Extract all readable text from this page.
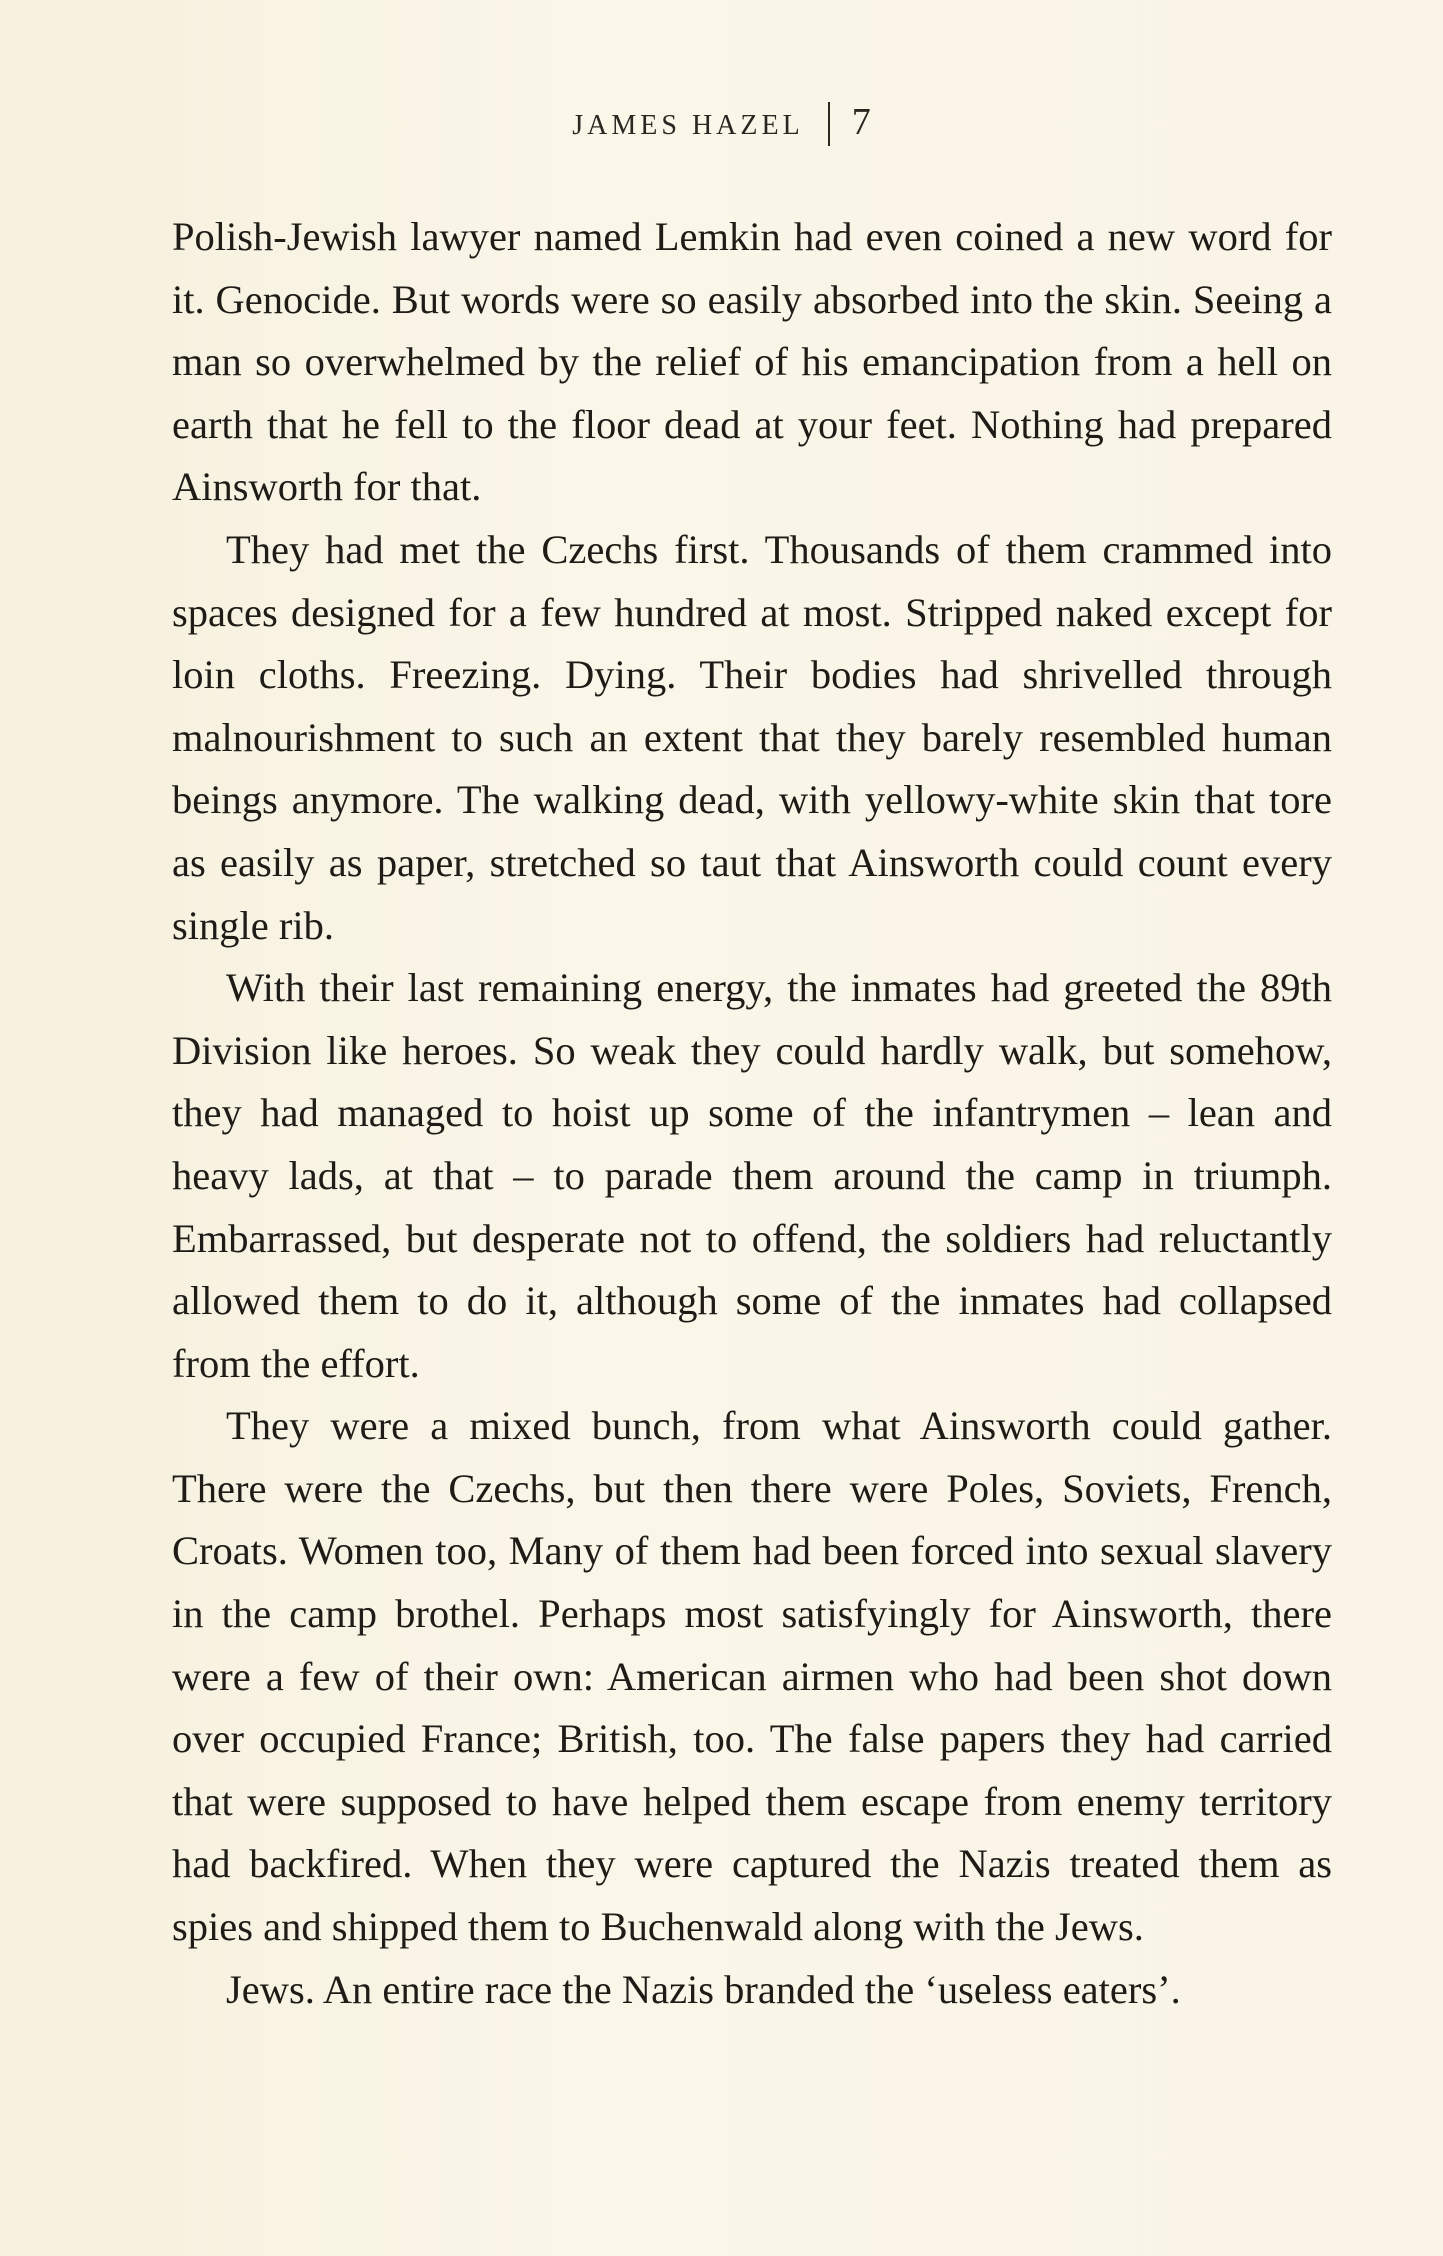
JAMES HAZEL 7

Polish-Jewish lawyer named Lemkin had even coined a new word for it. Genocide. But words were so easily absorbed into the skin. Seeing a man so overwhelmed by the relief of his emancipation from a hell on earth that he fell to the floor dead at your feet. Nothing had prepared Ainsworth for that.

They had met the Czechs first. Thousands of them crammed into spaces designed for a few hundred at most. Stripped naked except for loin cloths. Freezing. Dying. Their bodies had shrivelled through malnourishment to such an extent that they barely resembled human beings anymore. The walking dead, with yellowy-white skin that tore as easily as paper, stretched so taut that Ainsworth could count every single rib.

With their last remaining energy, the inmates had greeted the 89th Division like heroes. So weak they could hardly walk, but somehow, they had managed to hoist up some of the infantrymen – lean and heavy lads, at that – to parade them around the camp in triumph. Embarrassed, but desperate not to offend, the soldiers had reluctantly allowed them to do it, although some of the inmates had collapsed from the effort.

They were a mixed bunch, from what Ainsworth could gather. There were the Czechs, but then there were Poles, Soviets, French, Croats. Women too, Many of them had been forced into sexual slavery in the camp brothel. Perhaps most satisfyingly for Ainsworth, there were a few of their own: American airmen who had been shot down over occupied France; British, too. The false papers they had carried that were supposed to have helped them escape from enemy territory had backfired. When they were captured the Nazis treated them as spies and shipped them to Buchenwald along with the Jews.

Jews. An entire race the Nazis branded the ‘useless eaters’.
